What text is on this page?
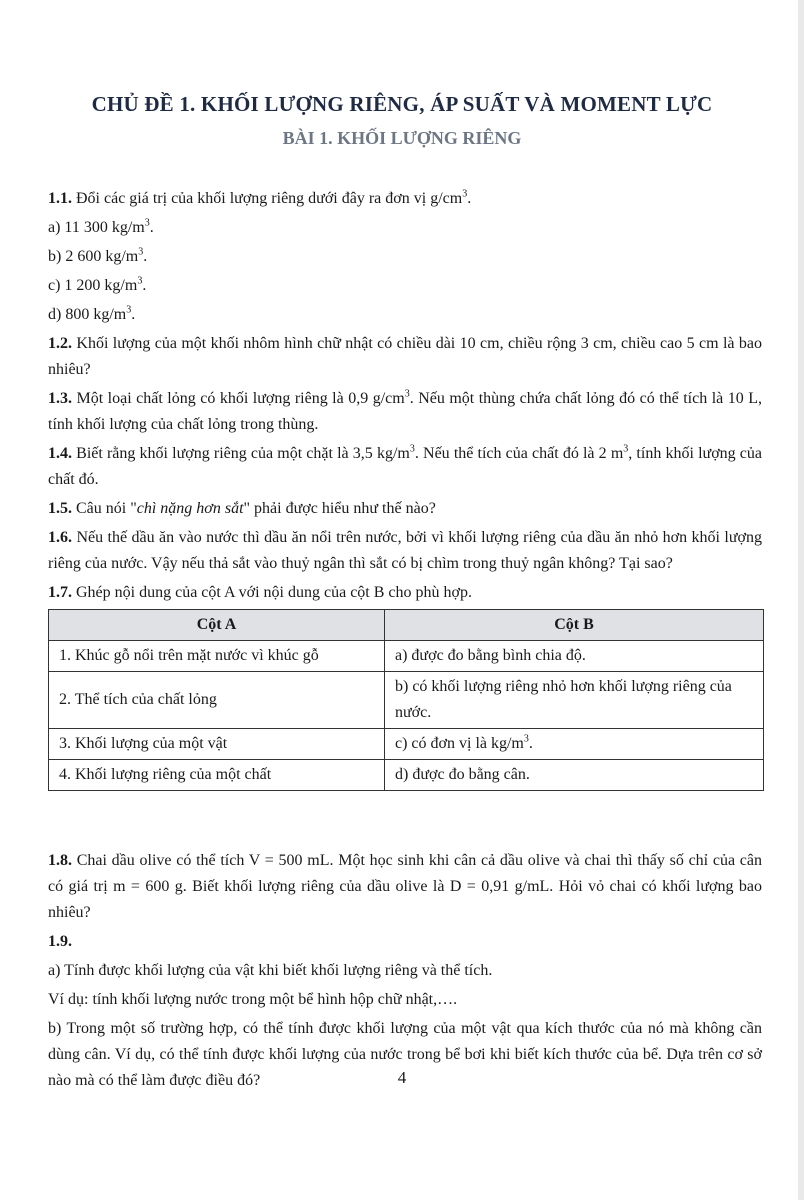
CHỦ ĐỀ 1. KHỐI LƯỢNG RIÊNG, ÁP SUẤT VÀ MOMENT LỰC
BÀI 1. KHỐI LƯỢNG RIÊNG

1.1. Đổi các giá trị của khối lượng riêng dưới đây ra đơn vị $g/cm^3$.

a) 11 300 $kg/m^3$.

b) 2 600 $kg/m^3$.

c) 1 200 $kg/m^3$.

d) 800 $kg/m^3$.

1.2. Khối lượng của một khối nhôm hình chữ nhật có chiều dài 10 cm, chiều rộng 3 cm, chiều cao 5 cm là bao nhiêu?

1.3. Một loại chất lỏng có khối lượng riêng là 0,9 $g/cm^3$. Nếu một thùng chứa chất lỏng đó có thể tích là 10 L, tính khối lượng của chất lỏng trong thùng.

1.4. Biết rằng khối lượng riêng của một chặt là 3,5 $kg/m^3$. Nếu thể tích của chất đó là 2 $m^3$, tính khối lượng của chất đó.

1.5. Câu nói "chì nặng hơn sắt" phải được hiểu như thế nào?

1.6. Nếu thế dầu ăn vào nước thì dầu ăn nổi trên nước, bởi vì khối lượng riêng của dầu ăn nhỏ hơn khối lượng riêng của nước. Vậy nếu thả sắt vào thuỷ ngân thì sắt có bị chìm trong thuỷ ngân không? Tại sao?

1.7. Ghép nội dung của cột A với nội dung của cột B cho phù hợp.

Cột A	Cột B
1. Khúc gỗ nổi trên mặt nước vì khúc gỗ	a) được đo bằng bình chia độ.
2. Thể tích của chất lỏng	b) có khối lượng riêng nhỏ hơn khối lượng riêng của nước.
3. Khối lượng của một vật	c) có đơn vị là $kg/m^3$.
4. Khối lượng riêng của một chất	d) được đo bằng cân.

1.8. Chai dầu olive có thể tích V = 500 mL. Một học sinh khi cân cả dầu olive và chai thì thấy số chỉ của cân có giá trị m = 600 g. Biết khối lượng riêng của dầu olive là D = 0,91 g/mL. Hỏi vỏ chai có khối lượng bao nhiêu?

1.9.

a) Tính được khối lượng của vật khi biết khối lượng riêng và thể tích.

Ví dụ: tính khối lượng nước trong một bể hình hộp chữ nhật,….

b) Trong một số trường hợp, có thể tính được khối lượng của một vật qua kích thước của nó mà không cần dùng cân. Ví dụ, có thể tính được khối lượng của nước trong bể bơi khi biết kích thước của bể. Dựa trên cơ sở nào mà có thể làm được điều đó?	4
